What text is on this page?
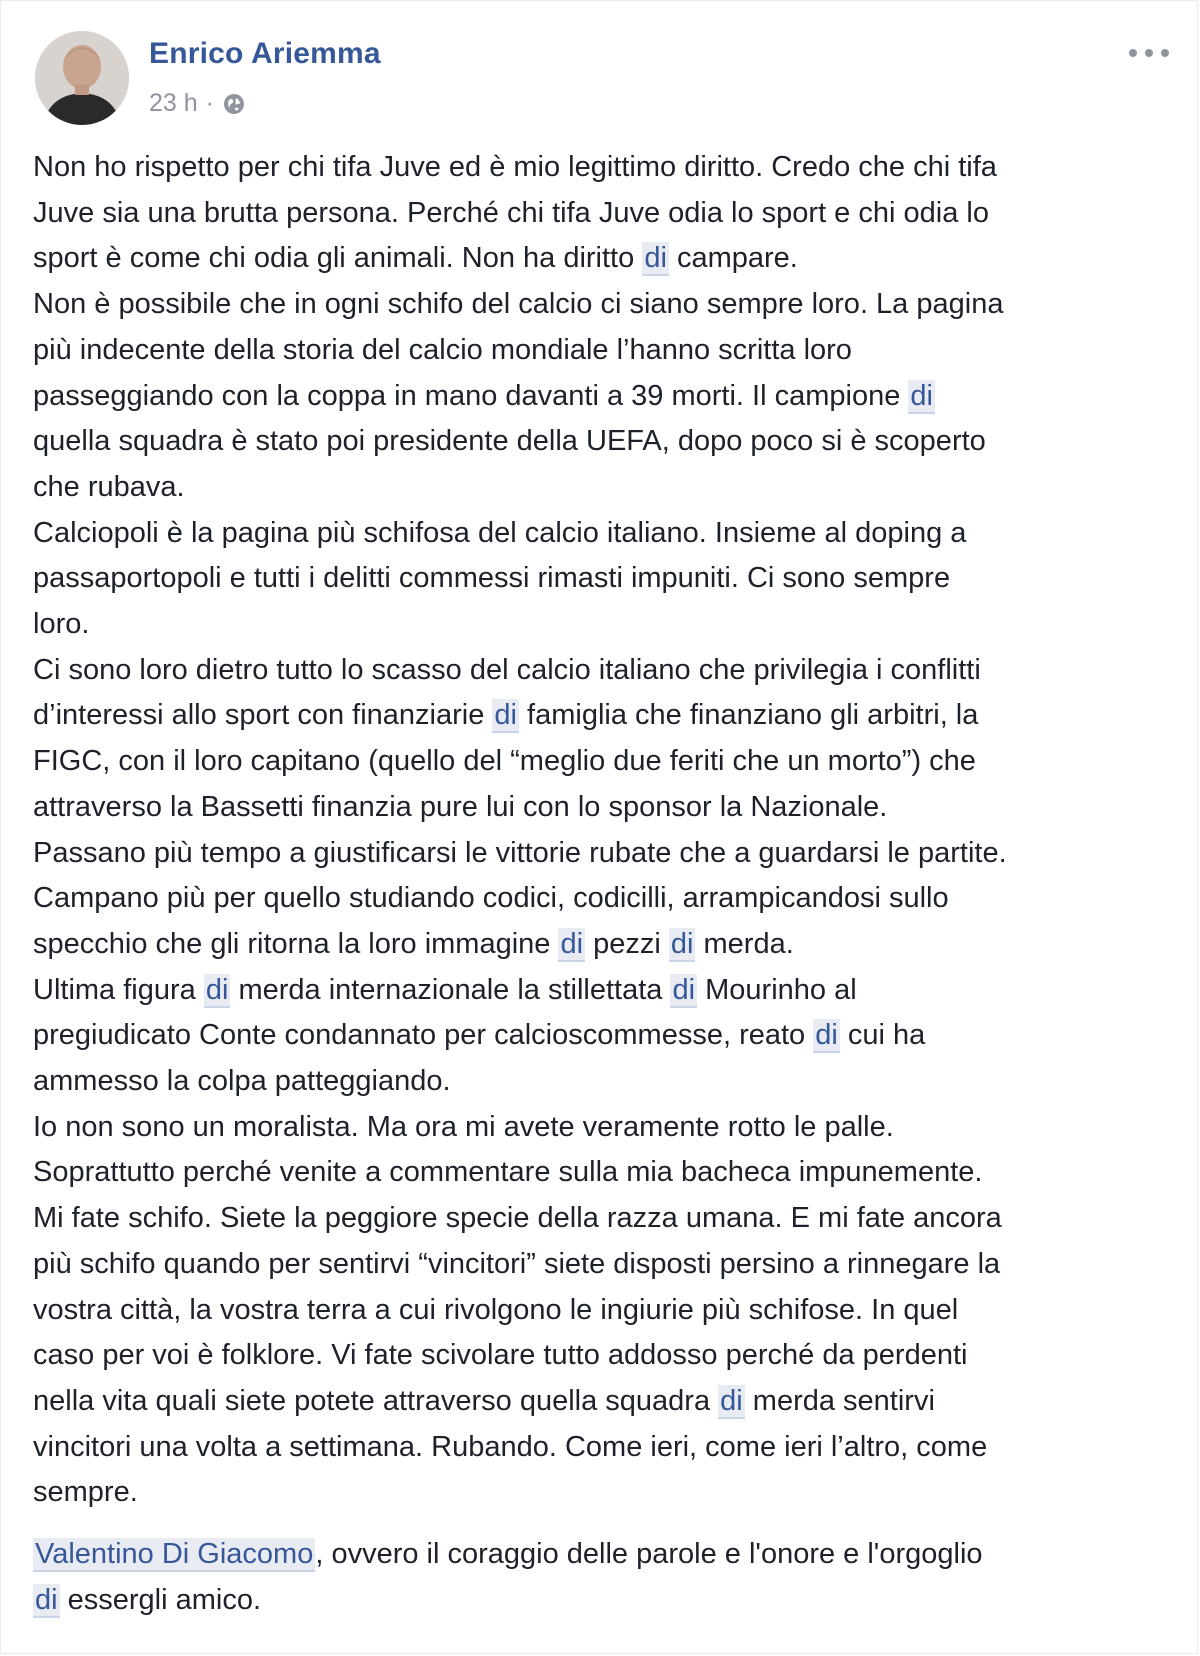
Enrico Ariemma
23 h ·

Non ho rispetto per chi tifa Juve ed è mio legittimo diritto. Credo che chi tifa

Juve sia una brutta persona. Perché chi tifa Juve odia lo sport e chi odia lo

sport è come chi odia gli animali. Non ha diritto di campare.

Non è possibile che in ogni schifo del calcio ci siano sempre loro. La pagina

più indecente della storia del calcio mondiale l’hanno scritta loro

passeggiando con la coppa in mano davanti a 39 morti. Il campione di

quella squadra è stato poi presidente della UEFA, dopo poco si è scoperto

che rubava.

Calciopoli è la pagina più schifosa del calcio italiano. Insieme al doping a

passaportopoli e tutti i delitti commessi rimasti impuniti. Ci sono sempre

loro.

Ci sono loro dietro tutto lo scasso del calcio italiano che privilegia i conflitti

d’interessi allo sport con finanziarie di famiglia che finanziano gli arbitri, la

FIGC, con il loro capitano (quello del “meglio due feriti che un morto”) che

attraverso la Bassetti finanzia pure lui con lo sponsor la Nazionale.

Passano più tempo a giustificarsi le vittorie rubate che a guardarsi le partite.

Campano più per quello studiando codici, codicilli, arrampicandosi sullo

specchio che gli ritorna la loro immagine di pezzi di merda.

Ultima figura di merda internazionale la stillettata di Mourinho al

pregiudicato Conte condannato per calcioscommesse, reato di cui ha

ammesso la colpa patteggiando.

Io non sono un moralista. Ma ora mi avete veramente rotto le palle.

Soprattutto perché venite a commentare sulla mia bacheca impunemente.

Mi fate schifo. Siete la peggiore specie della razza umana. E mi fate ancora

più schifo quando per sentirvi “vincitori” siete disposti persino a rinnegare la

vostra città, la vostra terra a cui rivolgono le ingiurie più schifose. In quel

caso per voi è folklore. Vi fate scivolare tutto addosso perché da perdenti

nella vita quali siete potete attraverso quella squadra di merda sentirvi

vincitori una volta a settimana. Rubando. Come ieri, come ieri l’altro, come

sempre.

Valentino Di Giacomo, ovvero il coraggio delle parole e l'onore e l'orgoglio

di essergli amico.
